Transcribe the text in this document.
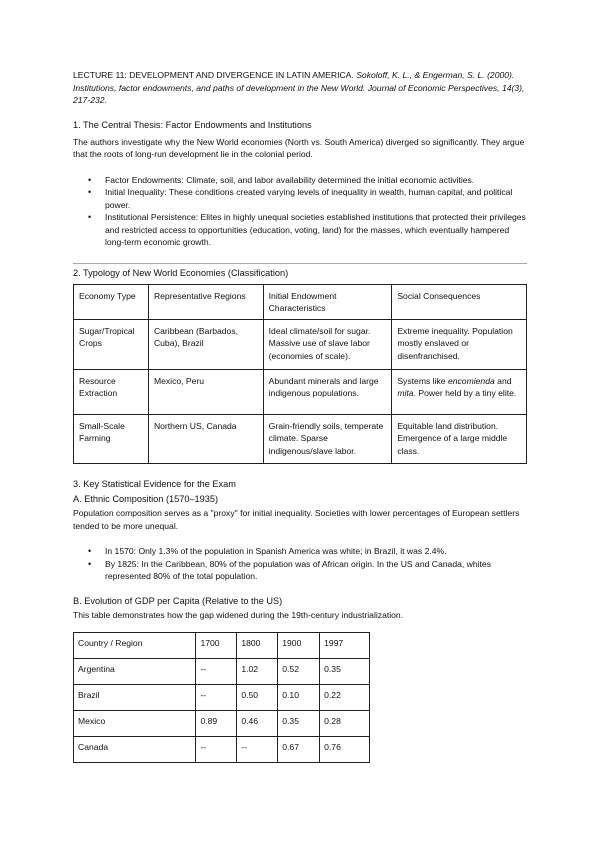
LECTURE 11: DEVELOPMENT AND DIVERGENCE IN LATIN AMERICA. Sokoloff, K. L., & Engerman, S. L. (2000). Institutions, factor endowments, and paths of development in the New World. Journal of Economic Perspectives, 14(3), 217-232.

1. The Central Thesis: Factor Endowments and Institutions

The authors investigate why the New World economies (North vs. South America) diverged so significantly. They argue that the roots of long-run development lie in the colonial period.

• Factor Endowments: Climate, soil, and labor availability determined the initial economic activities.
• Initial Inequality: These conditions created varying levels of inequality in wealth, human capital, and political power.
• Institutional Persistence: Elites in highly unequal societies established institutions that protected their privileges and restricted access to opportunities (education, voting, land) for the masses, which eventually hampered long-term economic growth.

2. Typology of New World Economies (Classification)

Economy Type	Representative Regions	Initial Endowment Characteristics	Social Consequences
Sugar/Tropical Crops	Caribbean (Barbados, Cuba), Brazil	Ideal climate/soil for sugar. Massive use of slave labor (economies of scale).	Extreme inequality. Population mostly enslaved or disenfranchised.
Resource Extraction	Mexico, Peru	Abundant minerals and large indigenous populations.	Systems like encomienda and mita. Power held by a tiny elite.
Small-Scale Farming	Northern US, Canada	Grain-friendly soils, temperate climate. Sparse indigenous/slave labor.	Equitable land distribution. Emergence of a large middle class.

3. Key Statistical Evidence for the Exam

A. Ethnic Composition (1570–1935)

Population composition serves as a "proxy" for initial inequality. Societies with lower percentages of European settlers tended to be more unequal.

• In 1570: Only 1.3% of the population in Spanish America was white; in Brazil, it was 2.4%.
• By 1825: In the Caribbean, 80% of the population was of African origin. In the US and Canada, whites represented 80% of the total population.

B. Evolution of GDP per Capita (Relative to the US)

This table demonstrates how the gap widened during the 19th-century industrialization.

Country / Region	1700	1800	1900	1997
Argentina	--	1.02	0.52	0.35
Brazil	--	0.50	0.10	0.22
Mexico	0.89	0.46	0.35	0.28
Canada	--	--	0.67	0.76
